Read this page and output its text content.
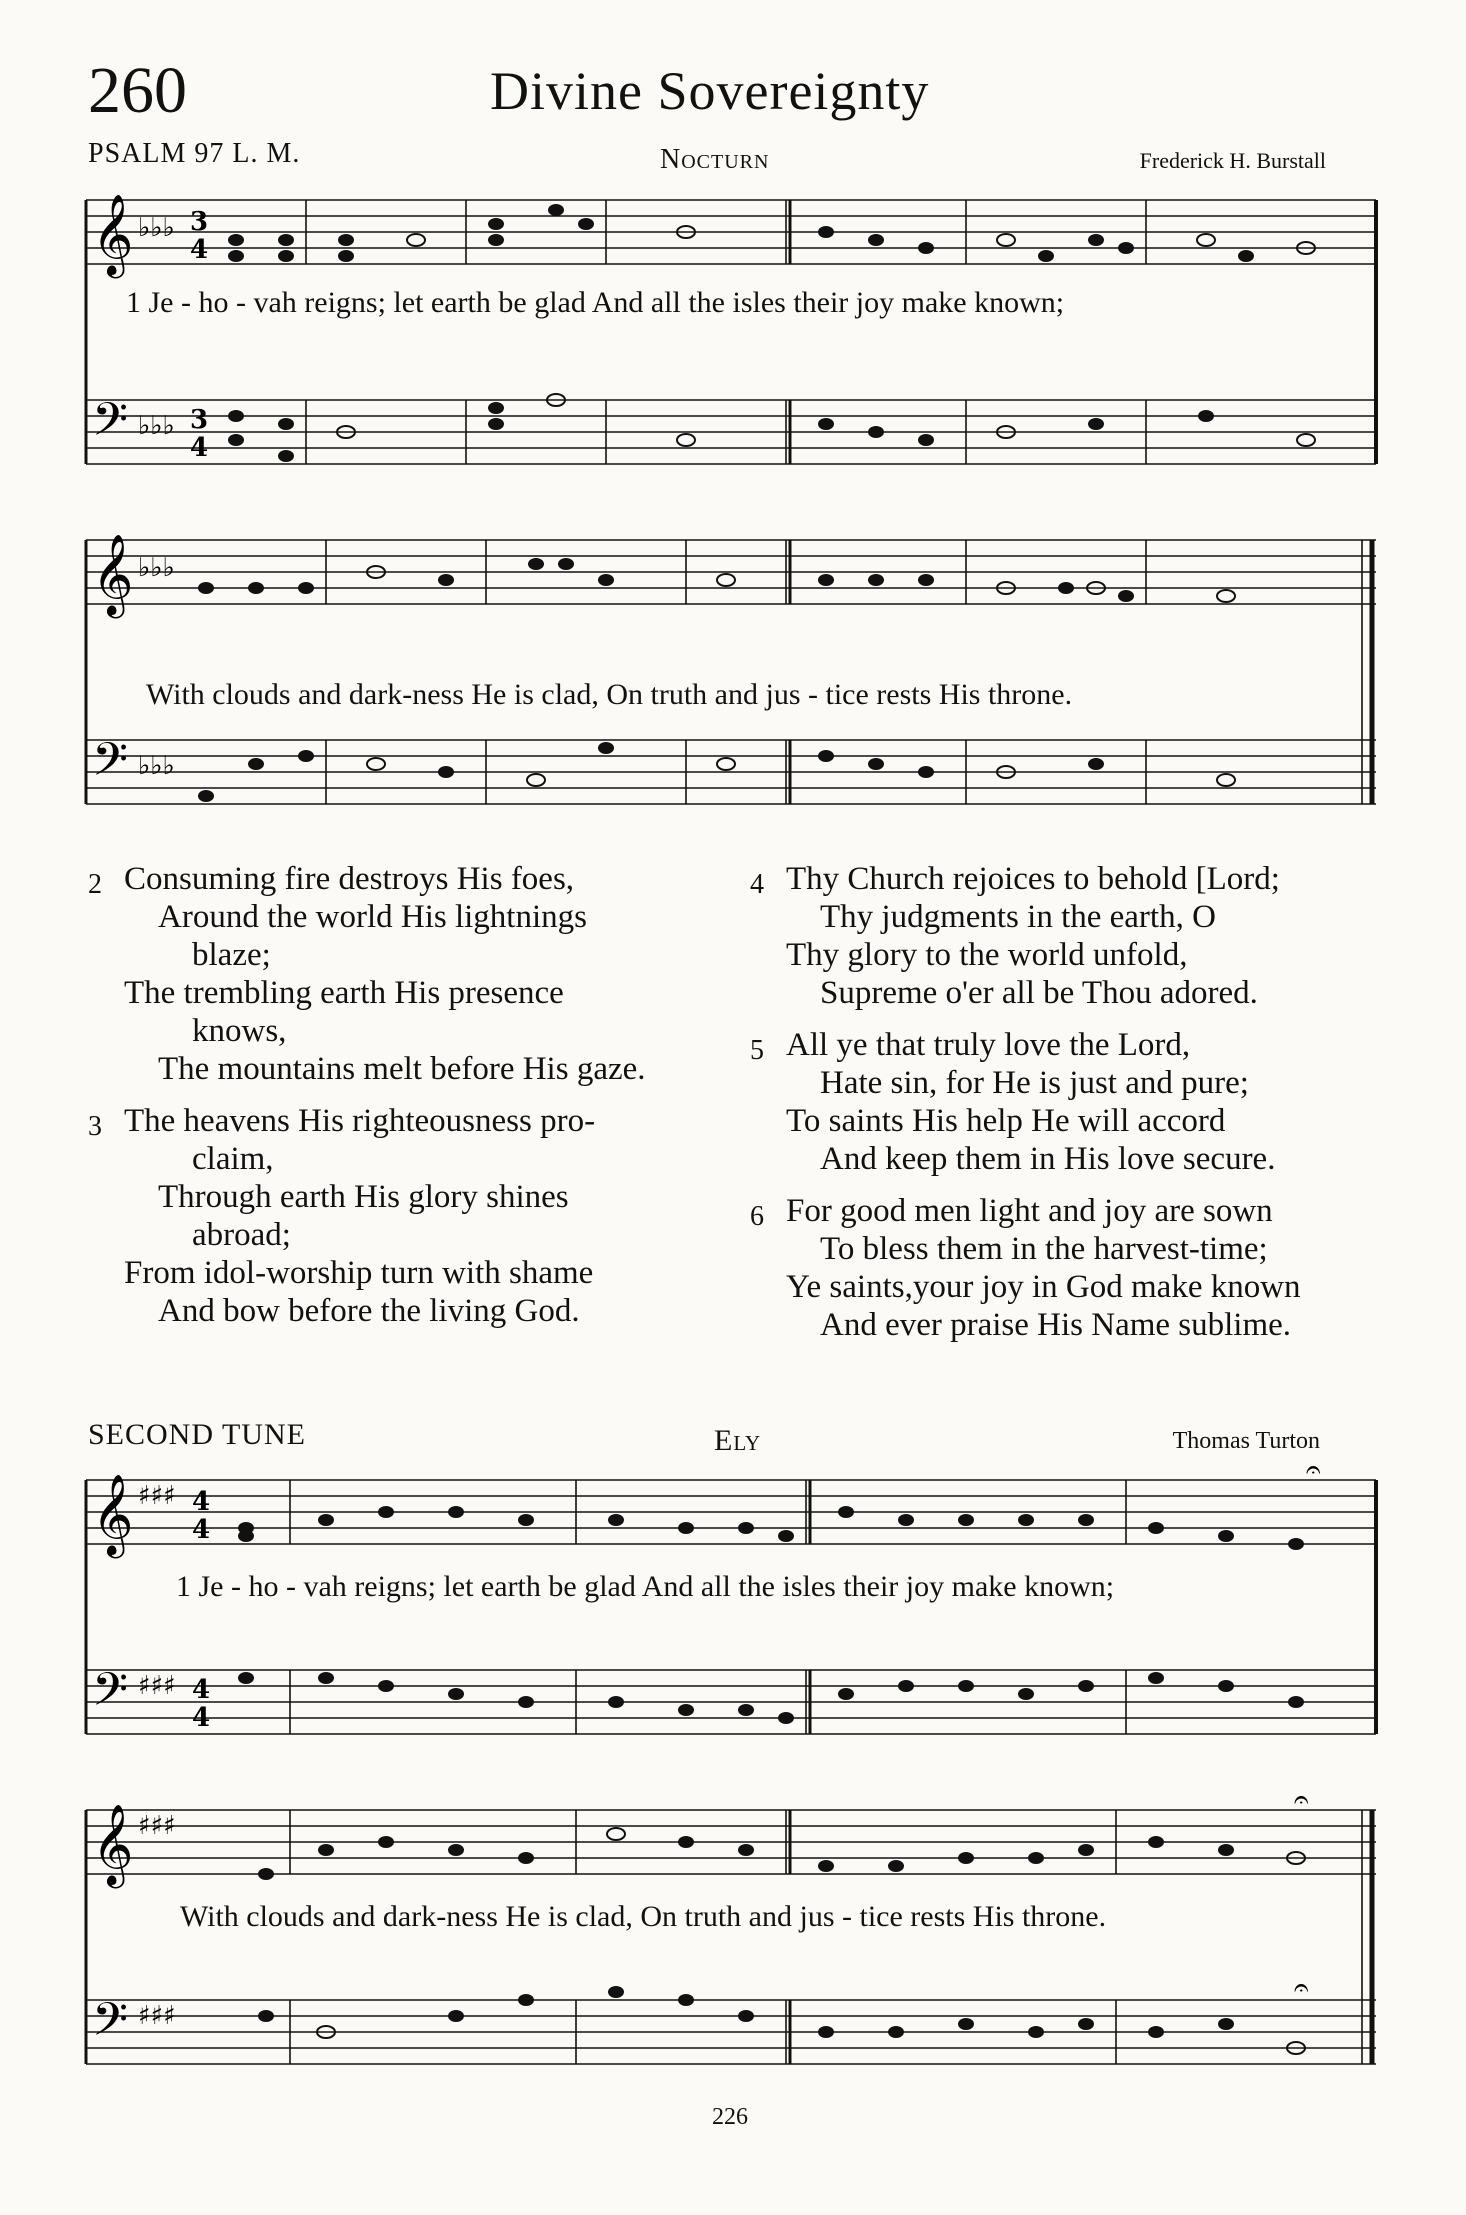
260	Divine Sovereignty
PSALM 97 L. M.	Nocturn	Frederick H. Burstall
𝄞
𝄢
♭♭♭
♭♭♭
3
4
3
4
1 Je - ho - vah reigns; let earth be glad And all the isles their joy make known;
𝄞
𝄢
♭♭♭
♭♭♭
With clouds and dark-ness He is clad, On truth and jus - tice rests His throne.
2 Consuming fire destroys His foes,
Around the world His lightnings
blaze;
The trembling earth His presence
knows,
The mountains melt before His gaze.
3 The heavens His righteousness pro-
claim,
Through earth His glory shines
abroad;
From idol-worship turn with shame
And bow before the living God.
4 Thy Church rejoices to behold [Lord;
Thy judgments in the earth, O
Thy glory to the world unfold,
Supreme o'er all be Thou adored.
5 All ye that truly love the Lord,
Hate sin, for He is just and pure;
To saints His help He will accord
And keep them in His love secure.
6 For good men light and joy are sown
To bless them in the harvest-time;
Ye saints,your joy in God make known
And ever praise His Name sublime.
SECOND TUNE	Ely	Thomas Turton
𝄞
𝄢
♯♯♯
♯♯♯
4
4
4
4
𝄐
1 Je - ho - vah reigns; let earth be glad And all the isles their joy make known;
𝄞
𝄢
♯♯♯
♯♯♯
𝄐
𝄐
With clouds and dark-ness He is clad, On truth and jus - tice rests His throne.
226
